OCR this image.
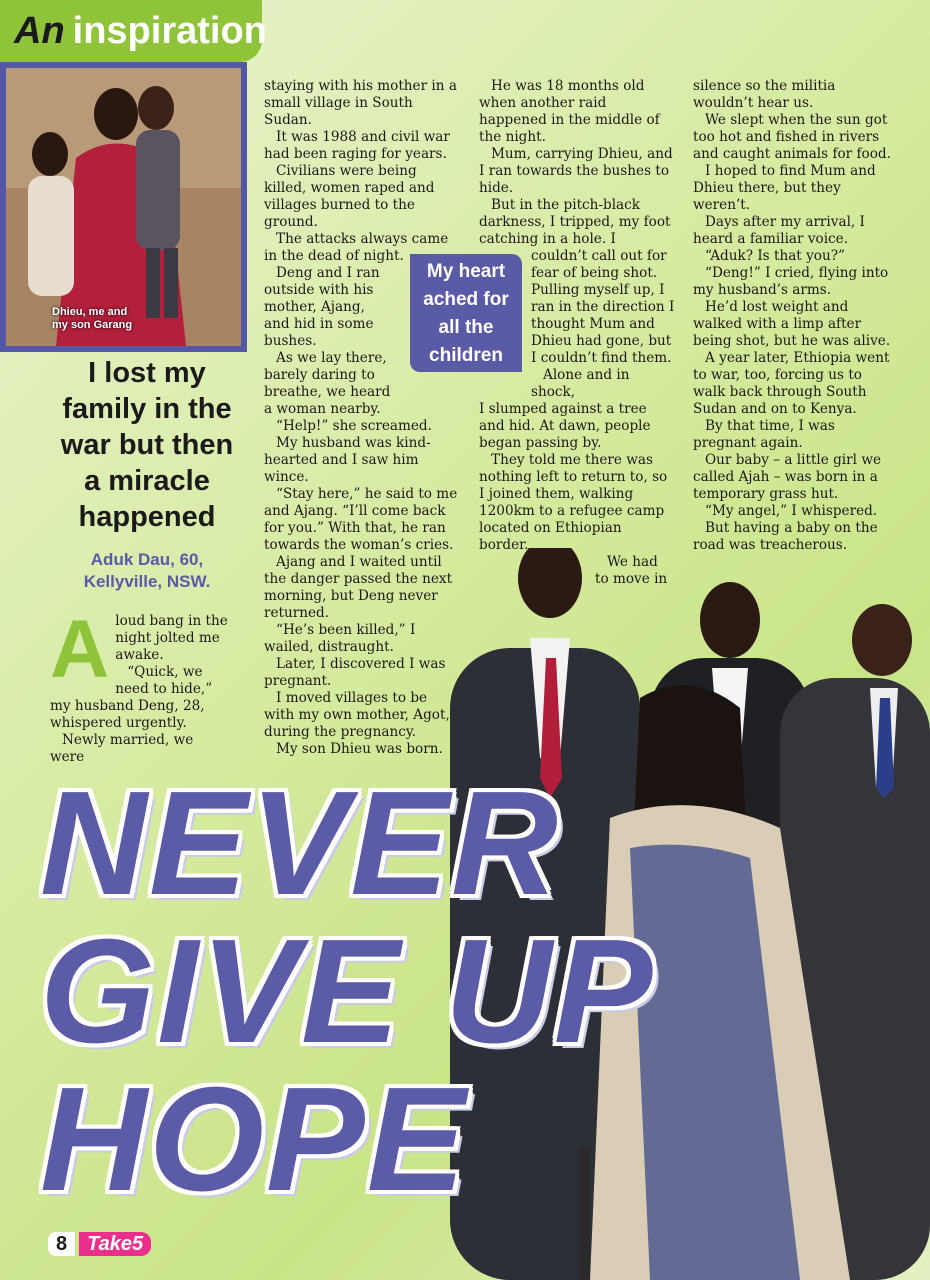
An inspiration
Dhieu, me and
my son Garang
I lost my
family in the
war but then
a miracle
happened
Aduk Dau, 60,
Kellyville, NSW.
A loud bang in the night jolted me awake.

“Quick, we need to hide,” my husband Deng, 28, whispered urgently.

Newly married, we were

staying with his mother in a small village in South Sudan.

It was 1988 and civil war had been raging for years.

Civilians were being killed, women raped and villages burned to the ground.

The attacks always came in the dead of night.

Deng and I ran outside with his mother, Ajang, and hid in some bushes.

As we lay there, barely daring to breathe, we heard a woman nearby.

“Help!” she screamed.

My husband was kind-hearted and I saw him wince.

“Stay here,” he said to me and Ajang. “I’ll come back for you.” With that, he ran towards the woman’s cries.

Ajang and I waited until the danger passed the next morning, but Deng never returned.

“He’s been killed,” I wailed, distraught.

Later, I discovered I was pregnant.

I moved villages to be with my own mother, Agot, during the pregnancy.

My son Dhieu was born.

My heart
ached for
all the
children

He was 18 months old when another raid happened in the middle of the night.

Mum, carrying Dhieu, and I ran towards the bushes to hide.

But in the pitch-black darkness, I tripped, my foot catching in a hole. I

couldn’t call out for fear of being shot. Pulling myself up, I ran in the direction I thought Mum and Dhieu had gone, but I couldn’t find them.

Alone and in shock,

I slumped against a tree and hid. At dawn, people began passing by.

They told me there was nothing left to return to, so I joined them, walking 1200km to a refugee camp located on Ethiopian border.

We had to move in

silence so the militia wouldn’t hear us.

We slept when the sun got too hot and fished in rivers and caught animals for food.

I hoped to find Mum and Dhieu there, but they weren’t.

Days after my arrival, I heard a familiar voice.

“Aduk? Is that you?”

“Deng!” I cried, flying into my husband’s arms.

He’d lost weight and walked with a limp after being shot, but he was alive.

A year later, Ethiopia went to war, too, forcing us to walk back through South Sudan and on to Kenya.

By that time, I was pregnant again.

Our baby – a little girl we called Ajah – was born in a temporary grass hut.

“My angel,” I whispered.

But having a baby on the road was treacherous.

NEVER
GIVE UP
HOPE
8	Take5
